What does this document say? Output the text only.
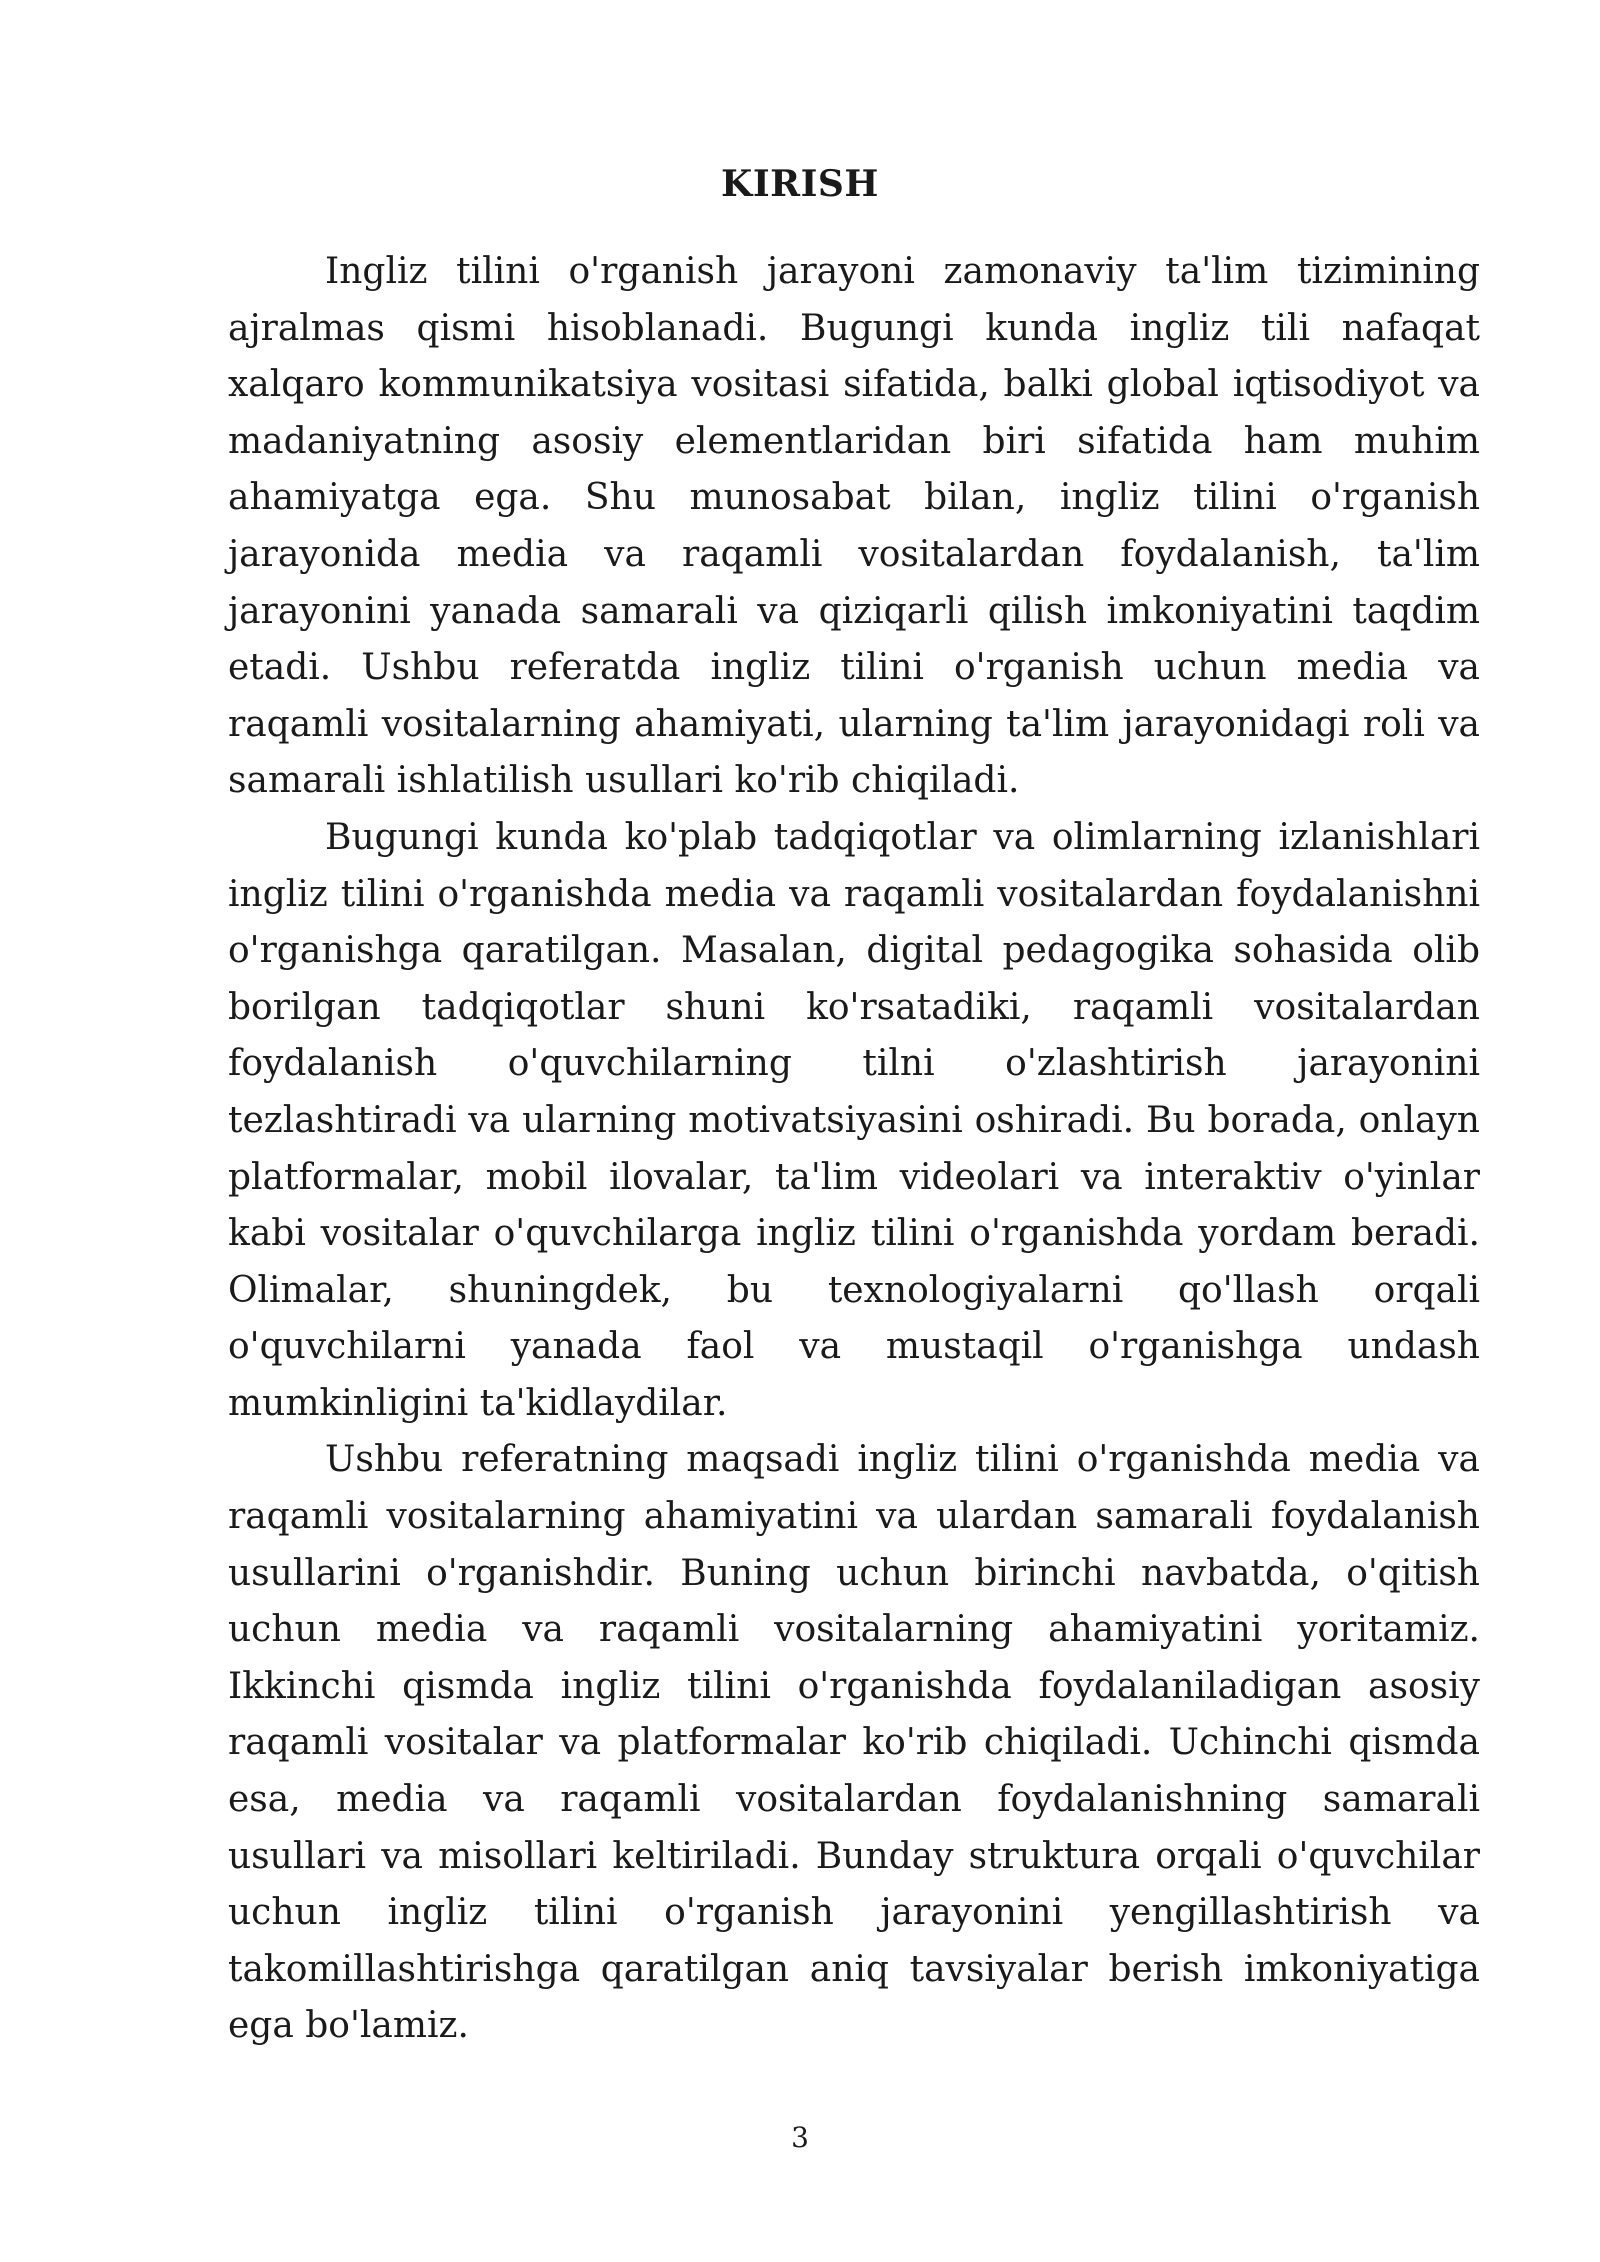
KIRISH

Ingliz tilini o'rganish jarayoni zamonaviy ta'lim tizimining ajralmas qismi hisoblanadi. Bugungi kunda ingliz tili nafaqat xalqaro kommunikatsiya vositasi sifatida, balki global iqtisodiyot va madaniyatning asosiy elementlaridan biri sifatida ham muhim ahamiyatga ega. Shu munosabat bilan, ingliz tilini o'rganish jarayonida media va raqamli vositalardan foydalanish, ta'lim jarayonini yanada samarali va qiziqarli qilish imkoniyatini taqdim etadi. Ushbu referatda ingliz tilini o'rganish uchun media va raqamli vositalarning ahamiyati, ularning ta'lim jarayonidagi roli va samarali ishlatilish usullari ko'rib chiqiladi.

Bugungi kunda ko'plab tadqiqotlar va olimlarning izlanishlari ingliz tilini o'rganishda media va raqamli vositalardan foydalanishni o'rganishga qaratilgan. Masalan, digital pedagogika sohasida olib borilgan tadqiqotlar shuni ko'rsatadiki, raqamli vositalardan foydalanish o'quvchilarning tilni o'zlashtirish jarayonini tezlashtiradi va ularning motivatsiyasini oshiradi. Bu borada, onlayn platformalar, mobil ilovalar, ta'lim videolari va interaktiv o'yinlar kabi vositalar o'quvchilarga ingliz tilini o'rganishda yordam beradi. Olimalar, shuningdek, bu texnologiyalarni qo'llash orqali o'quvchilarni yanada faol va mustaqil o'rganishga undash mumkinligini ta'kidlaydilar.

Ushbu referatning maqsadi ingliz tilini o'rganishda media va raqamli vositalarning ahamiyatini va ulardan samarali foydalanish usullarini o'rganishdir. Buning uchun birinchi navbatda, o'qitish uchun media va raqamli vositalarning ahamiyatini yoritamiz. Ikkinchi qismda ingliz tilini o'rganishda foydalaniladigan asosiy raqamli vositalar va platformalar ko'rib chiqiladi. Uchinchi qismda esa, media va raqamli vositalardan foydalanishning samarali usullari va misollari keltiriladi. Bunday struktura orqali o'quvchilar uchun ingliz tilini o'rganish jarayonini yengillashtirish va takomillashtirishga qaratilgan aniq tavsiyalar berish imkoniyatiga ega bo'lamiz.

3
